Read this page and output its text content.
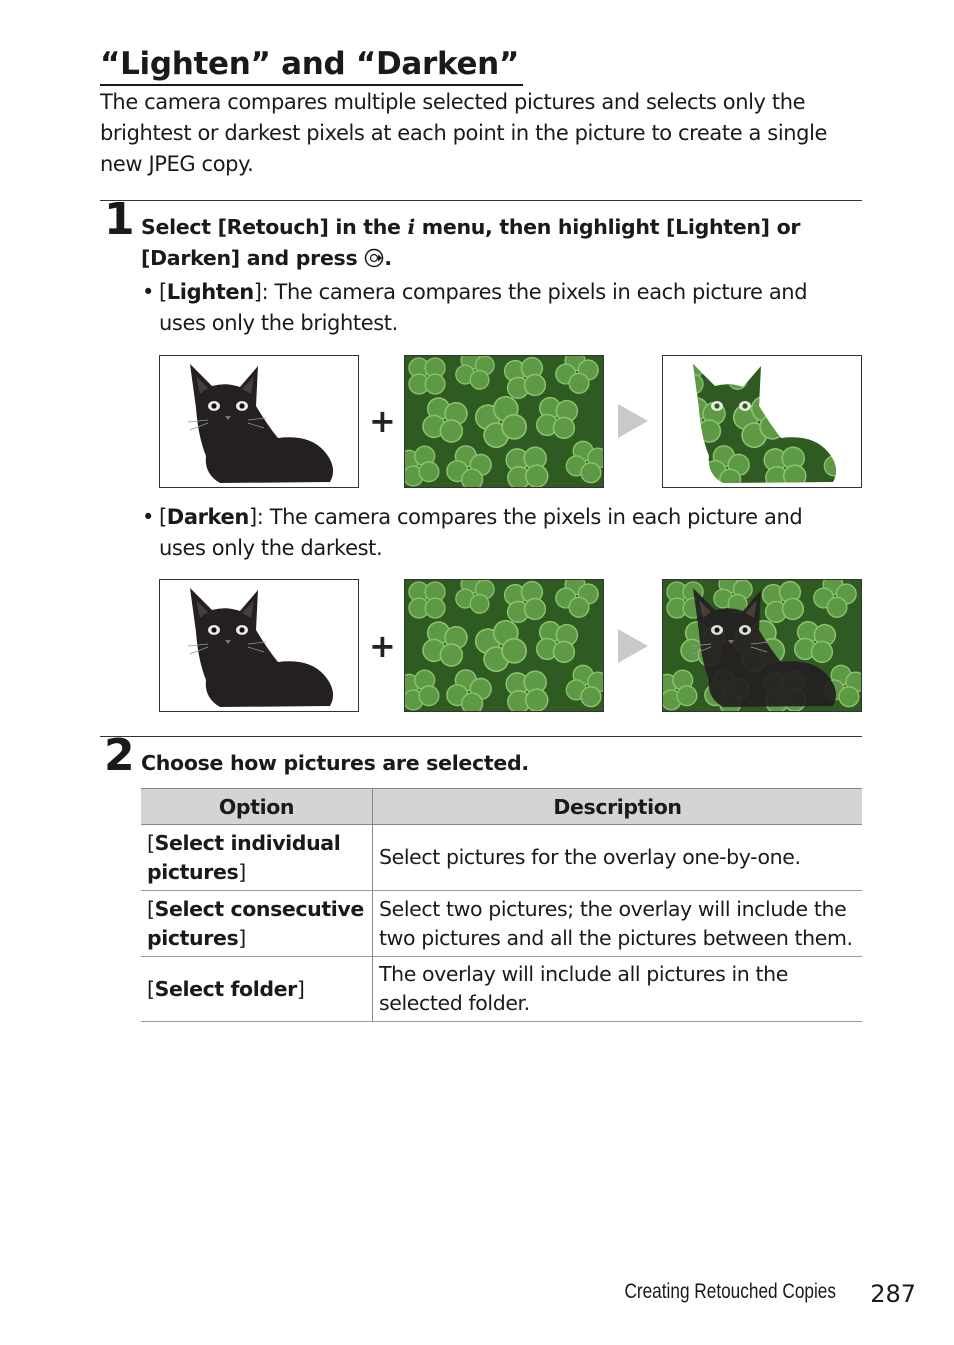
“Lighten” and “Darken”
The camera compares multiple selected pictures and selects only the brightest or darkest pixels at each point in the picture to create a single new JPEG copy.
1 Select [Retouch] in the i menu, then highlight [Lighten] or
[Darken] and press .
• [Lighten]: The camera compares the pixels in each picture and uses only the brightest.
+
• [Darken]: The camera compares the pixels in each picture and uses only the darkest.
+
2 Choose how pictures are selected.
Option	Description
[Select individual pictures]	Select pictures for the overlay one-by-one.
[Select consecutive pictures]	Select two pictures; the overlay will include the two pictures and all the pictures between them.
[Select folder]	The overlay will include all pictures in the selected folder.
Creating Retouched Copies 287
